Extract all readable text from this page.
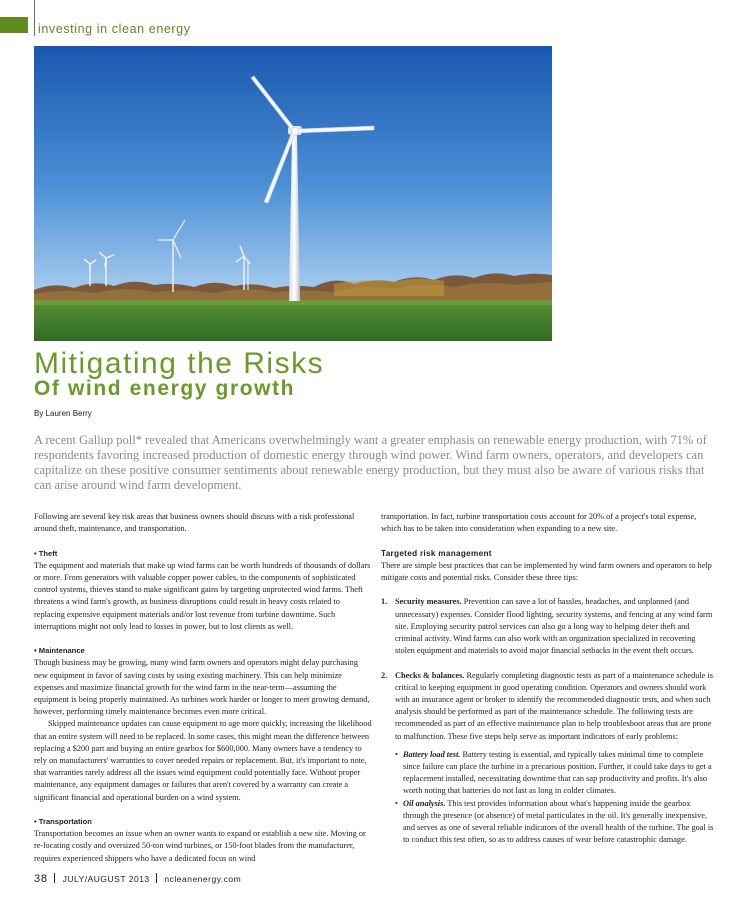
investing in clean energy
Mitigating the Risks
Of wind energy growth
By Lauren Berry

A recent Gallup poll* revealed that Americans overwhelmingly want a greater emphasis on renewable energy production, with 71% of respondents favoring increased production of domestic energy through wind power. Wind farm owners, operators, and developers can capitalize on these positive consumer sentiments about renewable energy production, but they must also be aware of various risks that can arise around wind farm development.

Following are several key risk areas that business owners should discuss with a risk professional around theft, maintenance, and transportation.

• Theft

The equipment and materials that make up wind farms can be worth hundreds of thousands of dollars or more. From generators with valuable copper power cables, to the components of sophisticated control systems, thieves stand to make significant gains by targeting unprotected wind farms. Theft threatens a wind farm's growth, as business disruptions could result in heavy costs related to replacing expensive equipment materials and/or lost revenue from turbine downtime. Such interruptions might not only lead to losses in power, but to lost clients as well.

• Maintenance

Though business may be growing, many wind farm owners and operators might delay purchasing new equipment in favor of saving costs by using existing machinery. This can help minimize expenses and maximize financial growth for the wind farm in the near-term—assuming the equipment is being properly maintained. As turbines work harder or longer to meet growing demand, however, performing timely maintenance becomes even more critical.

Skipped maintenance updates can cause equipment to age more quickly, increasing the likelihood that an entire system will need to be replaced. In some cases, this might mean the difference between replacing a $200 part and buying an entire gearbox for $600,000. Many owners have a tendency to rely on manufacturers' warranties to cover needed repairs or replacement. But, it's important to note, that warranties rarely address all the issues wind equipment could potentially face. Without proper maintenance, any equipment damages or failures that aren't covered by a warranty can create a significant financial and operational burden on a wind system.

• Transportation

Transportation becomes an issue when an owner wants to expand or establish a new site. Moving or re-locating costly and oversized 50-ton wind turbines, or 150-foot blades from the manufacturer, requires experienced shippers who have a dedicated focus on wind

transportation. In fact, turbine transportation costs account for 20% of a project's total expense, which has to be taken into consideration when expanding to a new site.

Targeted risk management

There are simple best practices that can be implemented by wind farm owners and operators to help mitigate costs and potential risks. Consider these three tips:

1. Security measures. Prevention can save a lot of hassles, headaches, and unplanned (and unnecessary) expenses. Consider flood lighting, security systems, and fencing at any wind farm site. Employing security patrol services can also go a long way to helping deter theft and criminal activity. Wind farms can also work with an organization specialized in recovering stolen equipment and materials to avoid major financial setbacks in the event theft occurs.
2. Checks & balances. Regularly completing diagnostic tests as part of a maintenance schedule is critical to keeping equipment in good operating condition. Operators and owners should work with an insurance agent or broker to identify the recommended diagnostic tests, and when such analysis should be performed as part of the maintenance schedule. The following tests are recommended as part of an effective maintenance plan to help troubleshoot areas that are prone to malfunction. These five steps help serve as important indicators of early problems:
• Battery load test. Battery testing is essential, and typically takes minimal time to complete since failure can place the turbine in a precarious position. Further, it could take days to get a replacement installed, necessitating downtime that can sap productivity and profits. It's also worth noting that batteries do not last as long in colder climates.
• Oil analysis. This test provides information about what's happening inside the gearbox through the presence (or absence) of metal particulates in the oil. It's generally inexpensive, and serves as one of several reliable indicators of the overall health of the turbine. The goal is to conduct this test often, so as to address causes of wear before catastrophic damage.
38 JULY/AUGUST 2013 ncleanenergy.com
